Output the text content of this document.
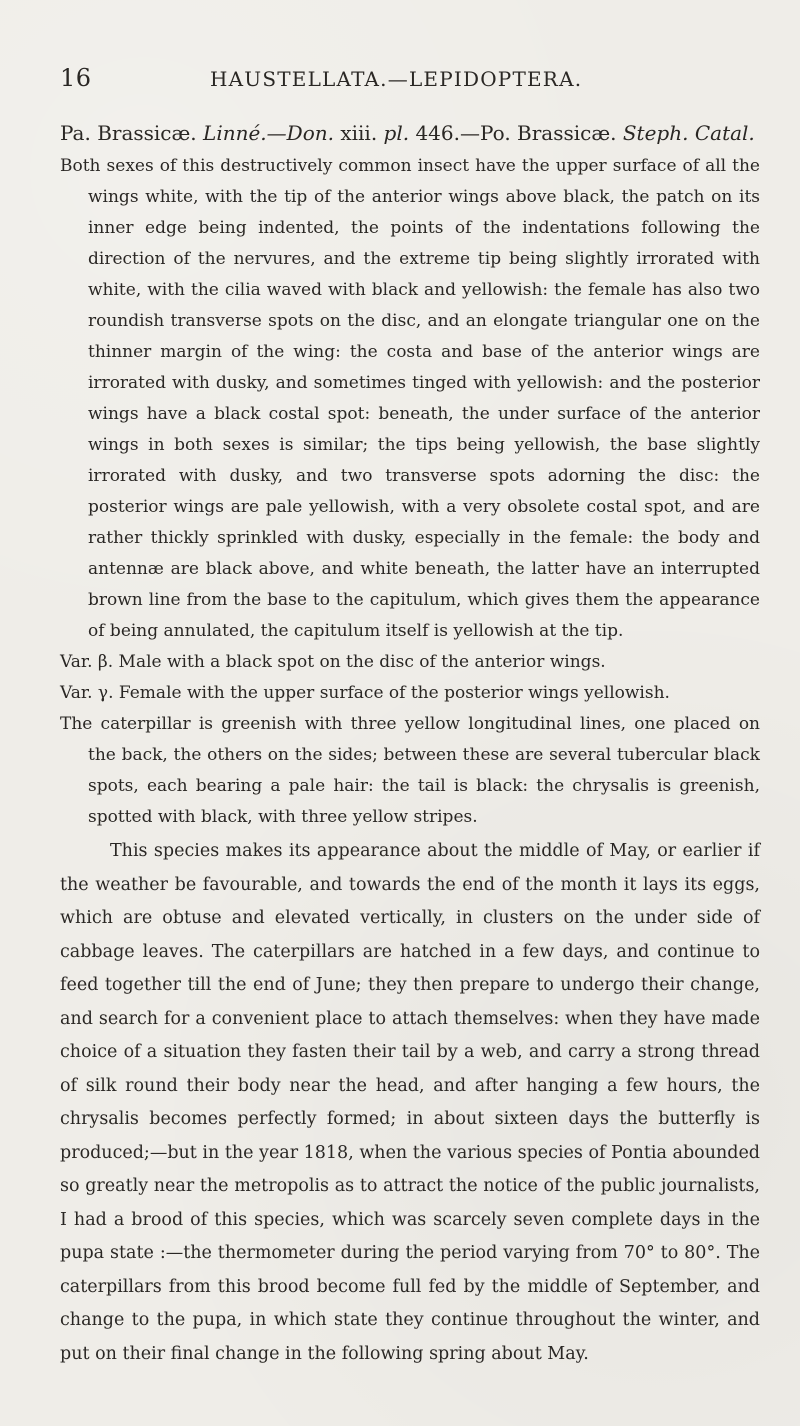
16	HAUSTELLATA.—LEPIDOPTERA.

Pa. Brassicæ. Linné.—Don. xiii. pl. 446.—Po. Brassicæ. Steph. Catal.

Both sexes of this destructively common insect have the upper surface of all the wings white, with the tip of the anterior wings above black, the patch on its inner edge being indented, the points of the indentations following the direction of the nervures, and the extreme tip being slightly irrorated with white, with the cilia waved with black and yellowish: the female has also two roundish transverse spots on the disc, and an elongate triangular one on the thinner margin of the wing: the costa and base of the anterior wings are irrorated with dusky, and sometimes tinged with yellowish: and the posterior wings have a black costal spot: beneath, the under surface of the anterior wings in both sexes is similar; the tips being yellowish, the base slightly irrorated with dusky, and two transverse spots adorning the disc: the posterior wings are pale yellowish, with a very obsolete costal spot, and are rather thickly sprinkled with dusky, especially in the female: the body and antennæ are black above, and white beneath, the latter have an interrupted brown line from the base to the capitulum, which gives them the appearance of being annulated, the capitulum itself is yellowish at the tip.

Var. β. Male with a black spot on the disc of the anterior wings.

Var. γ. Female with the upper surface of the posterior wings yellowish.

The caterpillar is greenish with three yellow longitudinal lines, one placed on the back, the others on the sides; between these are several tubercular black spots, each bearing a pale hair: the tail is black: the chrysalis is greenish, spotted with black, with three yellow stripes.

This species makes its appearance about the middle of May, or earlier if the weather be favourable, and towards the end of the month it lays its eggs, which are obtuse and elevated vertically, in clusters on the under side of cabbage leaves. The caterpillars are hatched in a few days, and continue to feed together till the end of June; they then prepare to undergo their change, and search for a convenient place to attach themselves: when they have made choice of a situation they fasten their tail by a web, and carry a strong thread of silk round their body near the head, and after hanging a few hours, the chrysalis becomes perfectly formed; in about sixteen days the butterfly is produced;—but in the year 1818, when the various species of Pontia abounded so greatly near the metropolis as to attract the notice of the public journalists, I had a brood of this species, which was scarcely seven complete days in the pupa state :—the thermometer during the period varying from 70° to 80°. The caterpillars from this brood become full fed by the middle of September, and change to the pupa, in which state they continue throughout the winter, and put on their final change in the following spring about May.
